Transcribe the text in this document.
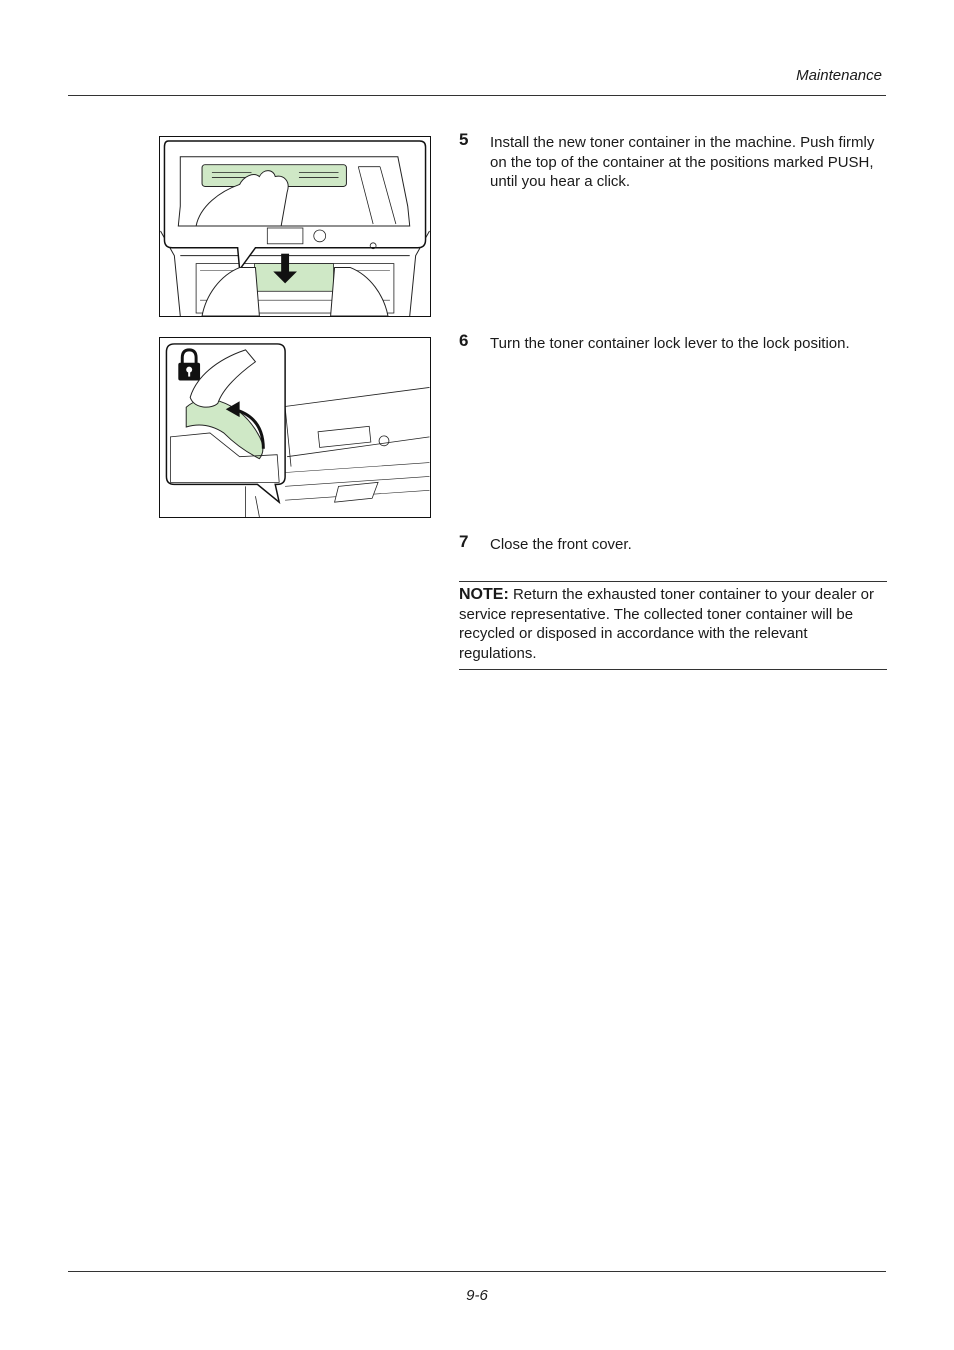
Maintenance
5 Install the new toner container in the machine. Push firmly on the top of the container at the positions marked PUSH, until you hear a click.
6 Turn the toner container lock lever to the lock position.
7 Close the front cover.
NOTE: Return the exhausted toner container to your dealer or service representative. The collected toner container will be recycled or disposed in accordance with the relevant regulations.
9-6
